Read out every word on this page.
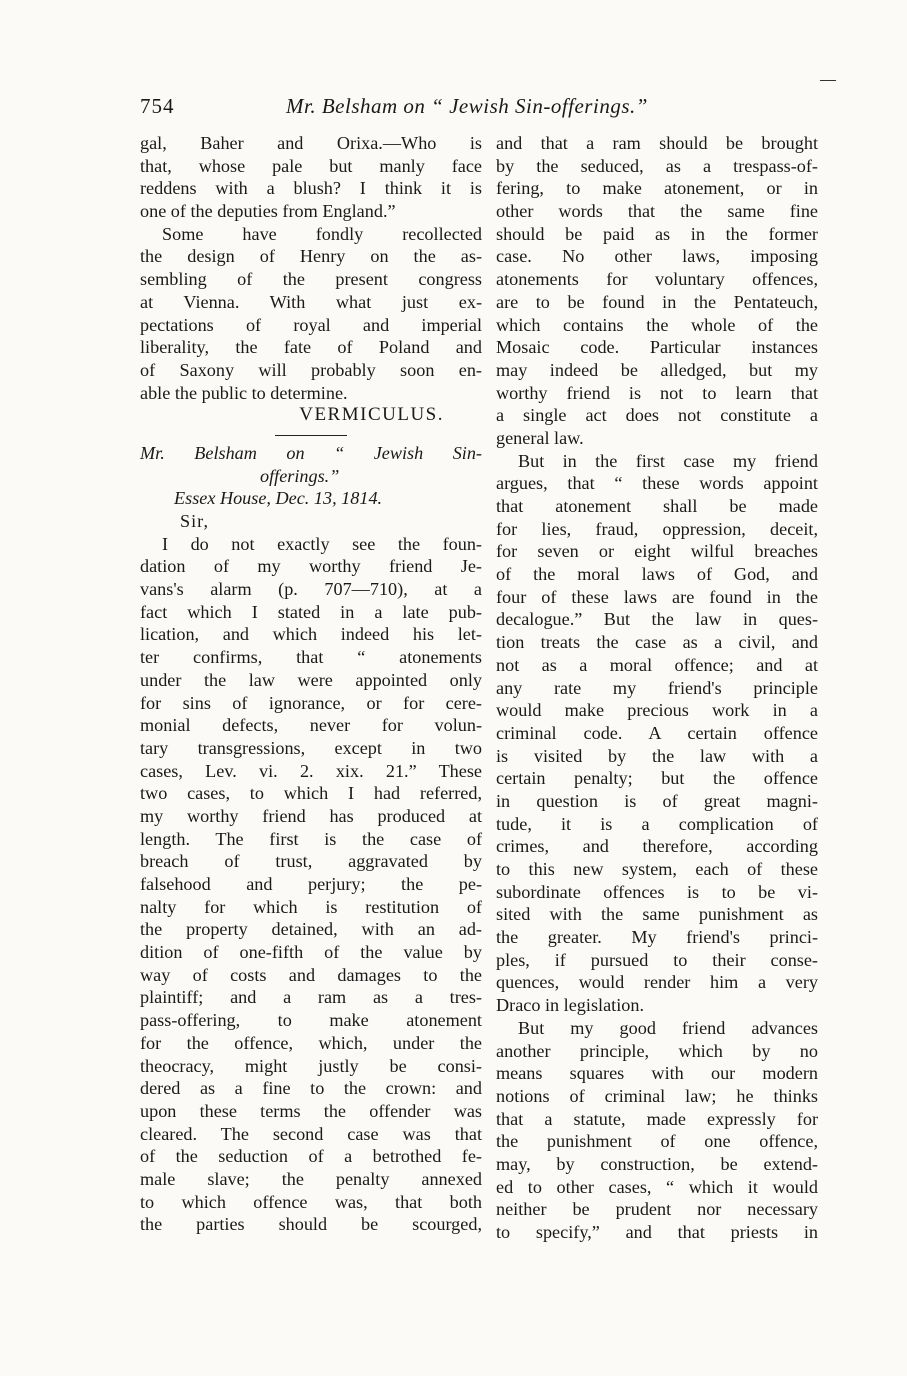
754	Mr. Belsham on “ Jewish Sin-offerings.”
gal, Baher and Orixa.—Who is
that, whose pale but manly face
reddens with a blush? I think it is
one of the deputies from England.”
Some have fondly recollected
the design of Henry on the as-
sembling of the present congress
at Vienna. With what just ex-
pectations of royal and imperial
liberality, the fate of Poland and
of Saxony will probably soon en-
able the public to determine.
VERMICULUS.
Mr. Belsham on “ Jewish Sin-
offerings.”
Essex House, Dec. 13, 1814.
Sir,
I do not exactly see the foun-
dation of my worthy friend Je-
vans's alarm (p. 707—710), at a
fact which I stated in a late pub-
lication, and which indeed his let-
ter confirms, that “ atonements
under the law were appointed only
for sins of ignorance, or for cere-
monial defects, never for volun-
tary transgressions, except in two
cases, Lev. vi. 2. xix. 21.” These
two cases, to which I had referred,
my worthy friend has produced at
length. The first is the case of
breach of trust, aggravated by
falsehood and perjury; the pe-
nalty for which is restitution of
the property detained, with an ad-
dition of one-fifth of the value by
way of costs and damages to the
plaintiff; and a ram as a tres-
pass-offering, to make atonement
for the offence, which, under the
theocracy, might justly be consi-
dered as a fine to the crown: and
upon these terms the offender was
cleared. The second case was that
of the seduction of a betrothed fe-
male slave; the penalty annexed
to which offence was, that both
the parties should be scourged,
and that a ram should be brought
by the seduced, as a trespass-of-
fering, to make atonement, or in
other words that the same fine
should be paid as in the former
case. No other laws, imposing
atonements for voluntary offences,
are to be found in the Pentateuch,
which contains the whole of the
Mosaic code. Particular instances
may indeed be alledged, but my
worthy friend is not to learn that
a single act does not constitute a
general law.
But in the first case my friend
argues, that “ these words appoint
that atonement shall be made
for lies, fraud, oppression, deceit,
for seven or eight wilful breaches
of the moral laws of God, and
four of these laws are found in the
decalogue.” But the law in ques-
tion treats the case as a civil, and
not as a moral offence; and at
any rate my friend's principle
would make precious work in a
criminal code. A certain offence
is visited by the law with a
certain penalty; but the offence
in question is of great magni-
tude, it is a complication of
crimes, and therefore, according
to this new system, each of these
subordinate offences is to be vi-
sited with the same punishment as
the greater. My friend's princi-
ples, if pursued to their conse-
quences, would render him a very
Draco in legislation.
But my good friend advances
another principle, which by no
means squares with our modern
notions of criminal law; he thinks
that a statute, made expressly for
the punishment of one offence,
may, by construction, be extend-
ed to other cases, “ which it would
neither be prudent nor necessary
to specify,” and that priests in
